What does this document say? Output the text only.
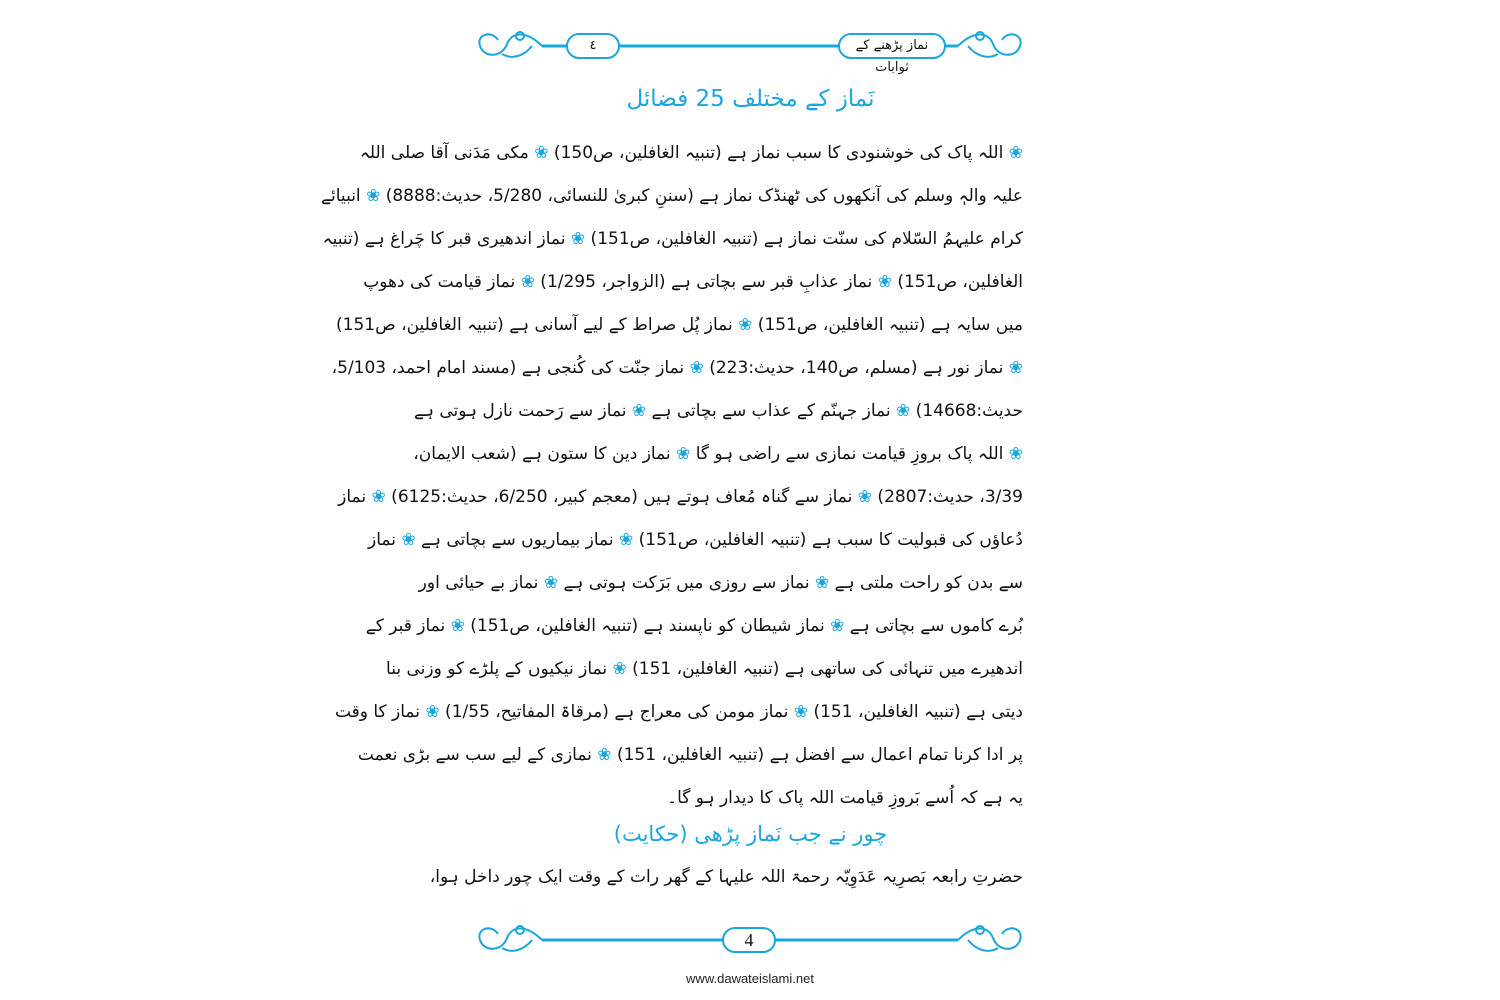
نماز پڑھنے کے ثوابات
٤
نَماز کے مختلف 25 فضائل
❀ اللہ پاک کی خوشنودی کا سبب نماز ہے (تنبیہ الغافلین، ص150) ❀ مکی مَدَنی آقا صلی اللہ
علیہ والہٖ وسلم کی آنکھوں کی ٹھنڈک نماز ہے (سننِ کبریٰ للنسائی، 5/280، حدیث:8888) ❀ انبیائے
کرام علیہمُ السّلام کی سنّت نماز ہے (تنبیہ الغافلین، ص151) ❀ نماز اندھیری قبر کا چَراغ ہے (تنبیہ
الغافلین، ص151) ❀ نماز عذابِ قبر سے بچاتی ہے (الزواجر، 1/295) ❀ نماز قیامت کی دھوپ
میں سایہ ہے (تنبیہ الغافلین، ص151) ❀ نماز پُل صراط کے لیے آسانی ہے (تنبیہ الغافلین، ص151)
❀ نماز نور ہے (مسلم، ص140، حدیث:223) ❀ نماز جنّت کی کُنجی ہے (مسند امام احمد، 5/103،
حدیث:14668) ❀ نماز جہنّم کے عذاب سے بچاتی ہے ❀ نماز سے رَحمت نازل ہوتی ہے
❀ اللہ پاک بروزِ قیامت نمازی سے راضی ہو گا ❀ نماز دین کا ستون ہے (شعب الایمان،
3/39، حدیث:2807) ❀ نماز سے گناہ مُعاف ہوتے ہیں (معجم کبیر، 6/250، حدیث:6125) ❀ نماز
دُعاؤں کی قبولیت کا سبب ہے (تنبیہ الغافلین، ص151) ❀ نماز بیماریوں سے بچاتی ہے ❀ نماز
سے بدن کو راحت ملتی ہے ❀ نماز سے روزی میں بَرَکت ہوتی ہے ❀ نماز بے حیائی اور
بُرے کاموں سے بچاتی ہے ❀ نماز شیطان کو ناپسند ہے (تنبیہ الغافلین، ص151) ❀ نماز قبر کے
اندھیرے میں تنہائی کی ساتھی ہے (تنبیہ الغافلین، 151) ❀ نماز نیکیوں کے پلڑے کو وزنی بنا
دیتی ہے (تنبیہ الغافلین، 151) ❀ نماز مومن کی معراج ہے (مرقاۃ المفاتیح، 1/55) ❀ نماز کا وقت
پر ادا کرنا تمام اعمال سے افضل ہے (تنبیہ الغافلین، 151) ❀ نمازی کے لیے سب سے بڑی نعمت
یہ ہے کہ اُسے بَروزِ قیامت اللہ پاک کا دیدار ہو گا۔
چور نے جب نَماز پڑھی (حکایت)
حضرتِ رابعہ بَصرِیہ عَدَوِیّہ رحمۃ اللہ علیہا کے گھر رات کے وقت ایک چور داخل ہوا،
4
www.dawateislami.net
